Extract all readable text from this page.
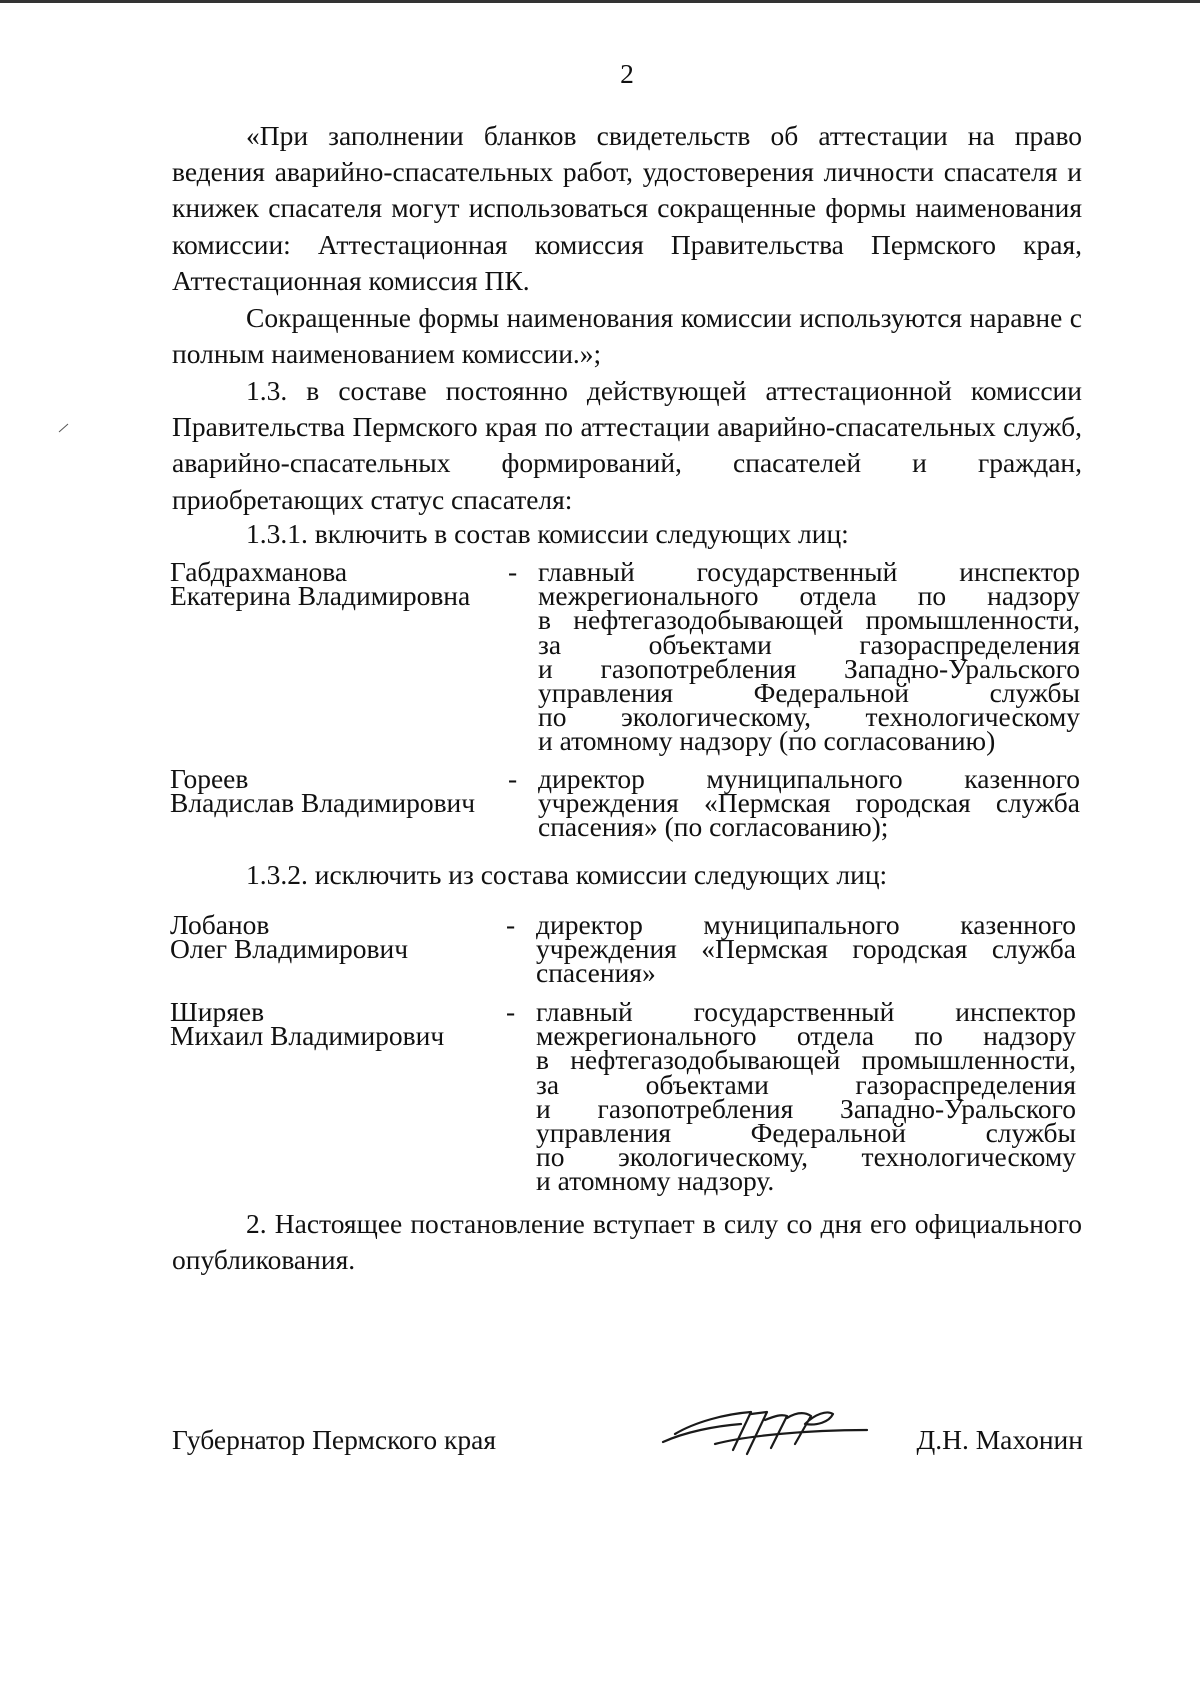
2

«При заполнении бланков свидетельств об аттестации на право ведения аварийно-спасательных работ, удостоверения личности спасателя и книжек спасателя могут использоваться сокращенные формы наименования комиссии: Аттестационная комиссия Правительства Пермского края, Аттестационная комиссия ПК.

Сокращенные формы наименования комиссии используются наравне с полным наименованием комиссии.»;

1.3. в составе постоянно действующей аттестационной комиссии Правительства Пермского края по аттестации аварийно-спасательных служб, аварийно-спасательных формирований, спасателей и граждан, приобретающих статус спасателя:

1.3.1. включить в состав комиссии следующих лиц:

Габдрахманова
Екатерина Владимировна
- главный государственный инспектор
межрегионального отдела по надзору
в нефтегазодобывающей промышленности,
за объектами газораспределения
и газопотребления Западно-Уральского
управления Федеральной службы
по экологическому, технологическому
и атомному надзору (по согласованию)
Гореев
Владислав Владимирович
- директор муниципального казенного
учреждения «Пермская городская служба
спасения» (по согласованию);

1.3.2. исключить из состава комиссии следующих лиц:

Лобанов
Олег Владимирович
- директор муниципального казенного
учреждения «Пермская городская служба
спасения»
Ширяев
Михаил Владимирович
- главный государственный инспектор
межрегионального отдела по надзору
в нефтегазодобывающей промышленности,
за объектами газораспределения
и газопотребления Западно-Уральского
управления Федеральной службы
по экологическому, технологическому
и атомному надзору.

2. Настоящее постановление вступает в силу со дня его официального опубликования.

Губернатор Пермского края	Д.Н. Махонин
